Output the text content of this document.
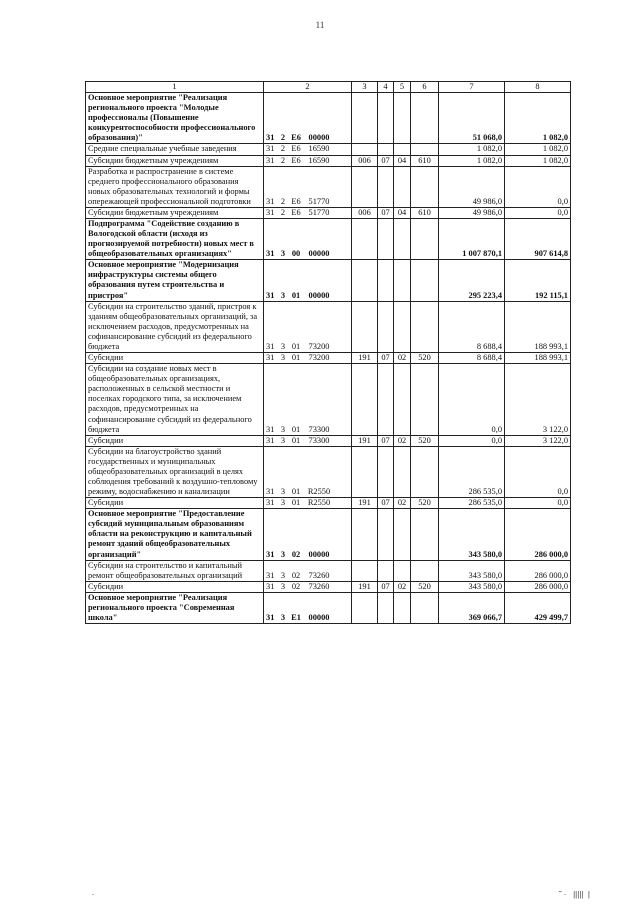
11
1	2	3	4	5	6	7	8
Основное мероприятие "Реализация регионального проекта "Молодые профессионалы (Повышение конкурентоспособности профессионального образования)"	31 2 Е6 00000					51 068,0	1 082,0
Средние специальные учебные заведения	31 2 Е6 16590					1 082,0	1 082,0
Субсидии бюджетным учреждениям	31 2 Е6 16590	006	07	04	610	1 082,0	1 082,0
Разработка и распространение в системе среднего профессионального образования новых образовательных технологий и формы опережающей профессиональной подготовки	31 2 Е6 51770					49 986,0	0,0
Субсидии бюджетным учреждениям	31 2 Е6 51770	006	07	04	610	49 986,0	0,0
Подпрограмма "Содействие созданию в Вологодской области (исходя из прогнозируемой потребности) новых мест в общеобразовательных организациях"	31 3 00 00000					1 007 870,1	907 614,8
Основное мероприятие "Модернизация инфраструктуры системы общего образования путем строительства и пристроя"	31 3 01 00000					295 223,4	192 115,1
Субсидии на строительство зданий, пристроя к зданиям общеобразовательных организаций, за исключением расходов, предусмотренных на софинансирование субсидий из федерального бюджета	31 3 01 73200					8 688,4	188 993,1
Субсидии	31 3 01 73200	191	07	02	520	8 688,4	188 993,1
Субсидии на создание новых мест в общеобразовательных организациях, расположенных в сельской местности и поселках городского типа, за исключением расходов, предусмотренных на софинансирование субсидий из федерального бюджета	31 3 01 73300					0,0	3 122,0
Субсидии	31 3 01 73300	191	07	02	520	0,0	3 122,0
Субсидии на благоустройство зданий государственных и муниципальных общеобразовательных организаций в целях соблюдения требований к воздушно-тепловому режиму, водоснабжению и канализации	31 3 01 R2550					286 535,0	0,0
Субсидии	31 3 01 R2550	191	07	02	520	286 535,0	0,0
Основное мероприятие "Предоставление субсидий муниципальным образованиям области на реконструкцию и капитальный ремонт зданий общеобразовательных организаций"	31 3 02 00000					343 580,0	286 000,0
Субсидии на строительство и капитальный ремонт общеобразовательных организаций	31 3 02 73260					343 580,0	286 000,0
Субсидии	31 3 02 73260	191	07	02	520	343 580,0	286 000,0
Основное мероприятие "Реализация регионального проекта "Современная школа"	31 3 Е1 00000					369 066,7	429 499,7
.	˜ ·   |||||  |
